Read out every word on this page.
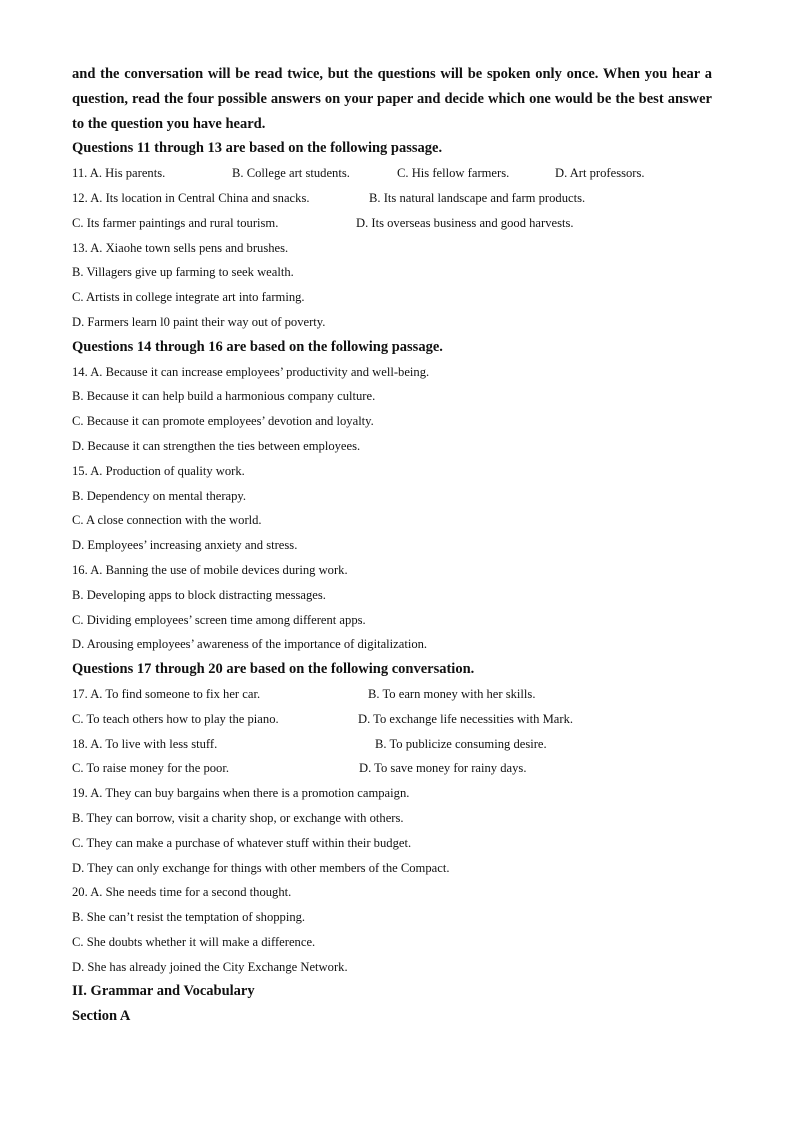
and the conversation will be read twice, but the questions will be spoken only once. When you hear a question, read the four possible answers on your paper and decide which one would be the best answer to the question you have heard.

Questions 11 through 13 are based on the following passage.

11. A. His parents.	B. College art students.	C. His fellow farmers.	D. Art professors.
12. A. Its location in Central China and snacks.	B. Its natural landscape and farm products.
C. Its farmer paintings and rural tourism.	D. Its overseas business and good harvests.
13. A. Xiaohe town sells pens and brushes.
B. Villagers give up farming to seek wealth.
C. Artists in college integrate art into farming.
D. Farmers learn l0 paint their way out of poverty.

Questions 14 through 16 are based on the following passage.

14. A. Because it can increase employees’ productivity and well-being.
B. Because it can help build a harmonious company culture.
C. Because it can promote employees’ devotion and loyalty.
D. Because it can strengthen the ties between employees.
15. A. Production of quality work.
B. Dependency on mental therapy.
C. A close connection with the world.
D. Employees’ increasing anxiety and stress.
16. A. Banning the use of mobile devices during work.
B. Developing apps to block distracting messages.
C. Dividing employees’ screen time among different apps.
D. Arousing employees’ awareness of the importance of digitalization.

Questions 17 through 20 are based on the following conversation.

17. A. To find someone to fix her car.	B. To earn money with her skills.
C. To teach others how to play the piano.	D. To exchange life necessities with Mark.
18. A. To live with less stuff.	B. To publicize consuming desire.
C. To raise money for the poor.	D. To save money for rainy days.
19. A. They can buy bargains when there is a promotion campaign.
B. They can borrow, visit a charity shop, or exchange with others.
C. They can make a purchase of whatever stuff within their budget.
D. They can only exchange for things with other members of the Compact.
20. A. She needs time for a second thought.
B. She can’t resist the temptation of shopping.
C. She doubts whether it will make a difference.
D. She has already joined the City Exchange Network.

II. Grammar and Vocabulary

Section A
